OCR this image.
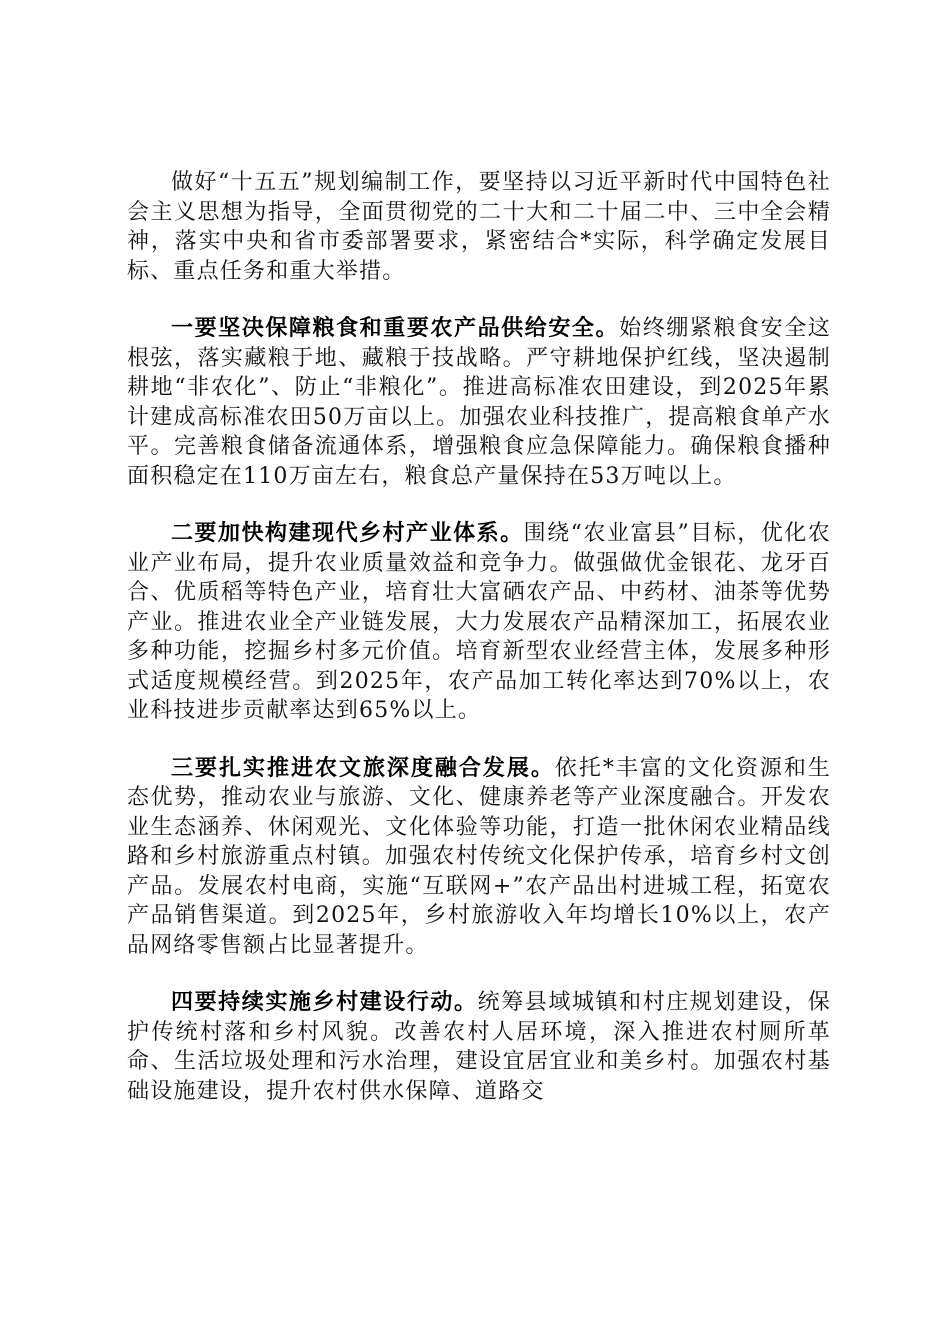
做好“十五五”规划编制工作，要坚持以习近平新时代中国特色社会主义思想为指导，全面贯彻党的二十大和二十届二中、三中全会精神，落实中央和省市委部署要求，紧密结合*实际，科学确定发展目标、重点任务和重大举措。

一要坚决保障粮食和重要农产品供给安全。始终绷紧粮食安全这根弦，落实藏粮于地、藏粮于技战略。严守耕地保护红线，坚决遏制耕地“非农化”、防止“非粮化”。推进高标准农田建设，到2025年累计建成高标准农田50万亩以上。加强农业科技推广，提高粮食单产水平。完善粮食储备流通体系，增强粮食应急保障能力。确保粮食播种面积稳定在110万亩左右，粮食总产量保持在53万吨以上。

二要加快构建现代乡村产业体系。围绕“农业富县”目标，优化农业产业布局，提升农业质量效益和竞争力。做强做优金银花、龙牙百合、优质稻等特色产业，培育壮大富硒农产品、中药材、油茶等优势产业。推进农业全产业链发展，大力发展农产品精深加工，拓展农业多种功能，挖掘乡村多元价值。培育新型农业经营主体，发展多种形式适度规模经营。到2025年，农产品加工转化率达到70%以上，农业科技进步贡献率达到65%以上。

三要扎实推进农文旅深度融合发展。依托*丰富的文化资源和生态优势，推动农业与旅游、文化、健康养老等产业深度融合。开发农业生态涵养、休闲观光、文化体验等功能，打造一批休闲农业精品线路和乡村旅游重点村镇。加强农村传统文化保护传承，培育乡村文创产品。发展农村电商，实施“互联网+”农产品出村进城工程，拓宽农产品销售渠道。到2025年，乡村旅游收入年均增长10%以上，农产品网络零售额占比显著提升。

四要持续实施乡村建设行动。统筹县域城镇和村庄规划建设，保护传统村落和乡村风貌。改善农村人居环境，深入推进农村厕所革命、生活垃圾处理和污水治理，建设宜居宜业和美乡村。加强农村基础设施建设，提升农村供水保障、道路交
